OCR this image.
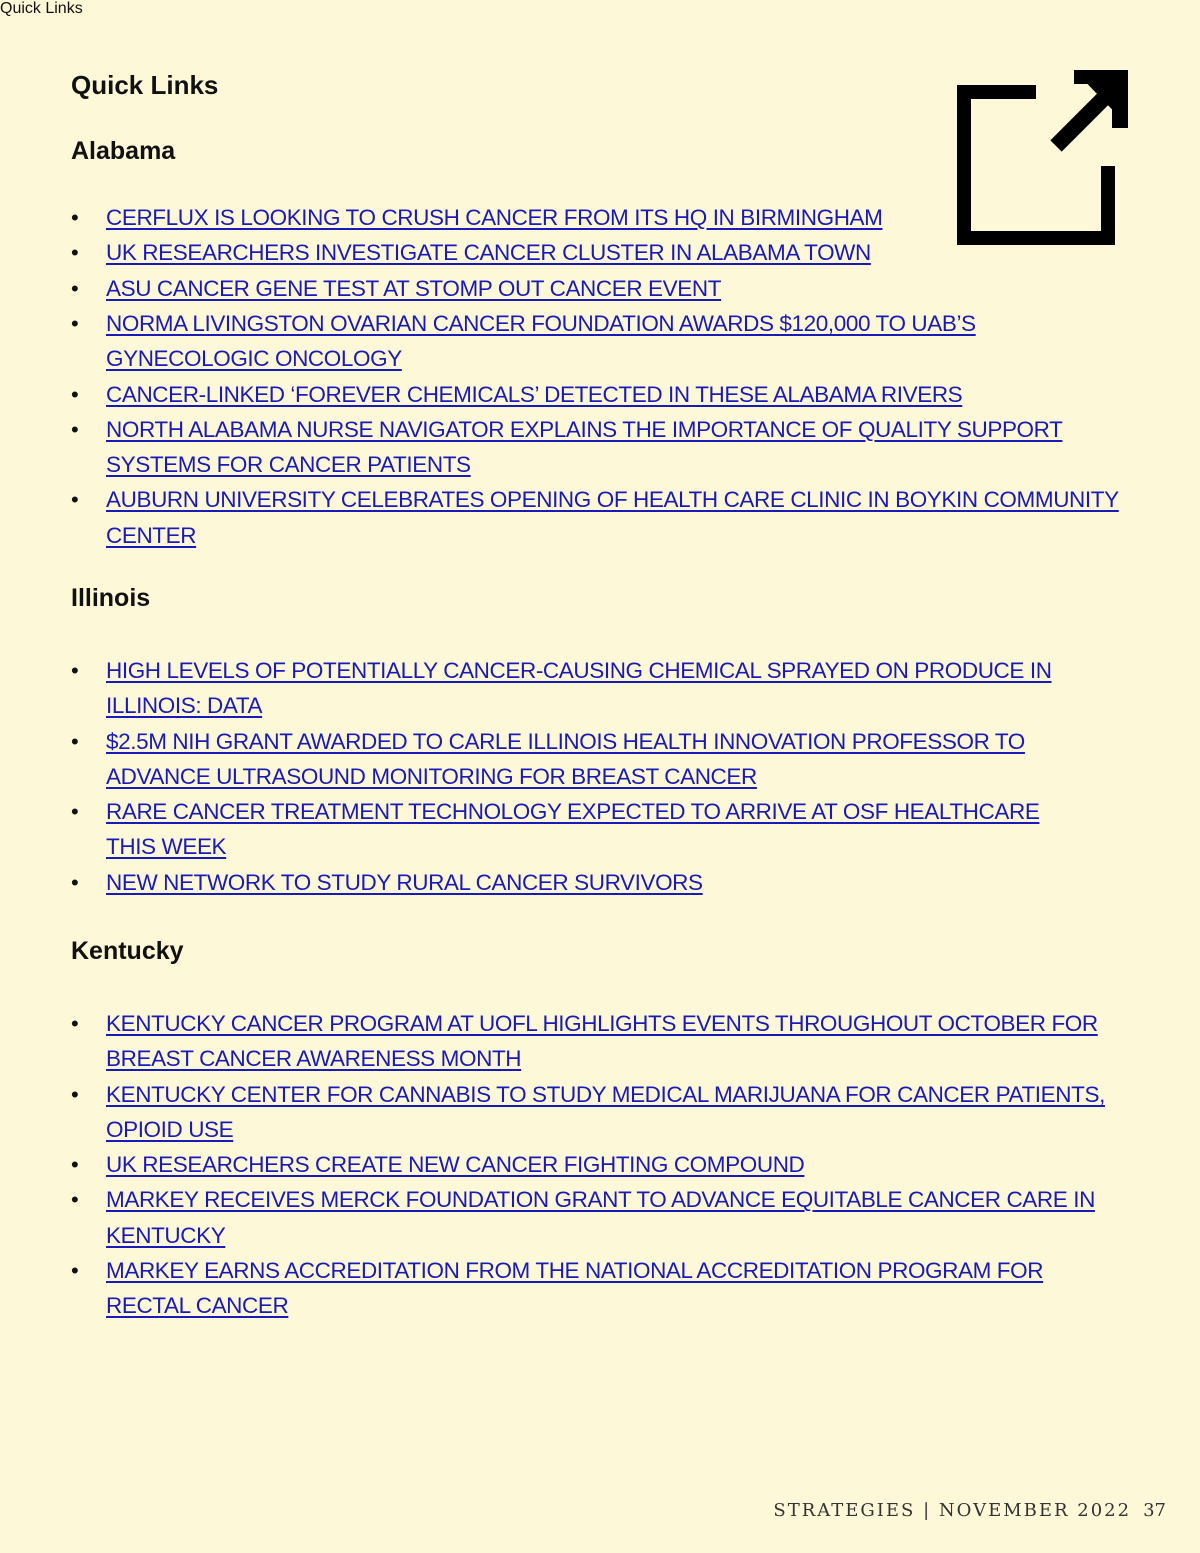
Quick Links
Quick Links
Alabama
•	CERFLUX IS LOOKING TO CRUSH CANCER FROM ITS HQ IN BIRMINGHAM
•	UK RESEARCHERS INVESTIGATE CANCER CLUSTER IN ALABAMA TOWN
•	ASU CANCER GENE TEST AT STOMP OUT CANCER EVENT
•	NORMA LIVINGSTON OVARIAN CANCER FOUNDATION AWARDS $120,000 TO UAB’S GYNECOLOGIC ONCOLOGY
•	CANCER-LINKED ‘FOREVER CHEMICALS’ DETECTED IN THESE ALABAMA RIVERS
•	NORTH ALABAMA NURSE NAVIGATOR EXPLAINS THE IMPORTANCE OF QUALITY SUPPORT SYSTEMS FOR CANCER PATIENTS
•	AUBURN UNIVERSITY CELEBRATES OPENING OF HEALTH CARE CLINIC IN BOYKIN COMMUNITY CENTER
Illinois
•	HIGH LEVELS OF POTENTIALLY CANCER-CAUSING CHEMICAL SPRAYED ON PRODUCE IN ILLINOIS: DATA
•	$2.5M NIH GRANT AWARDED TO CARLE ILLINOIS HEALTH INNOVATION PROFESSOR TO ADVANCE ULTRASOUND MONITORING FOR BREAST CANCER
•	RARE CANCER TREATMENT TECHNOLOGY EXPECTED TO ARRIVE AT OSF HEALTHCARE THIS WEEK
•	NEW NETWORK TO STUDY RURAL CANCER SURVIVORS
Kentucky
•	KENTUCKY CANCER PROGRAM AT UOFL HIGHLIGHTS EVENTS THROUGHOUT OCTOBER FOR BREAST CANCER AWARENESS MONTH
•	KENTUCKY CENTER FOR CANNABIS TO STUDY MEDICAL MARIJUANA FOR CANCER PATIENTS, OPIOID USE
•	UK RESEARCHERS CREATE NEW CANCER FIGHTING COMPOUND
•	MARKEY RECEIVES MERCK FOUNDATION GRANT TO ADVANCE EQUITABLE CANCER CARE IN KENTUCKY
•	MARKEY EARNS ACCREDITATION FROM THE NATIONAL ACCREDITATION PROGRAM FOR RECTAL CANCER
STRATEGIES | NOVEMBER 2022 37
